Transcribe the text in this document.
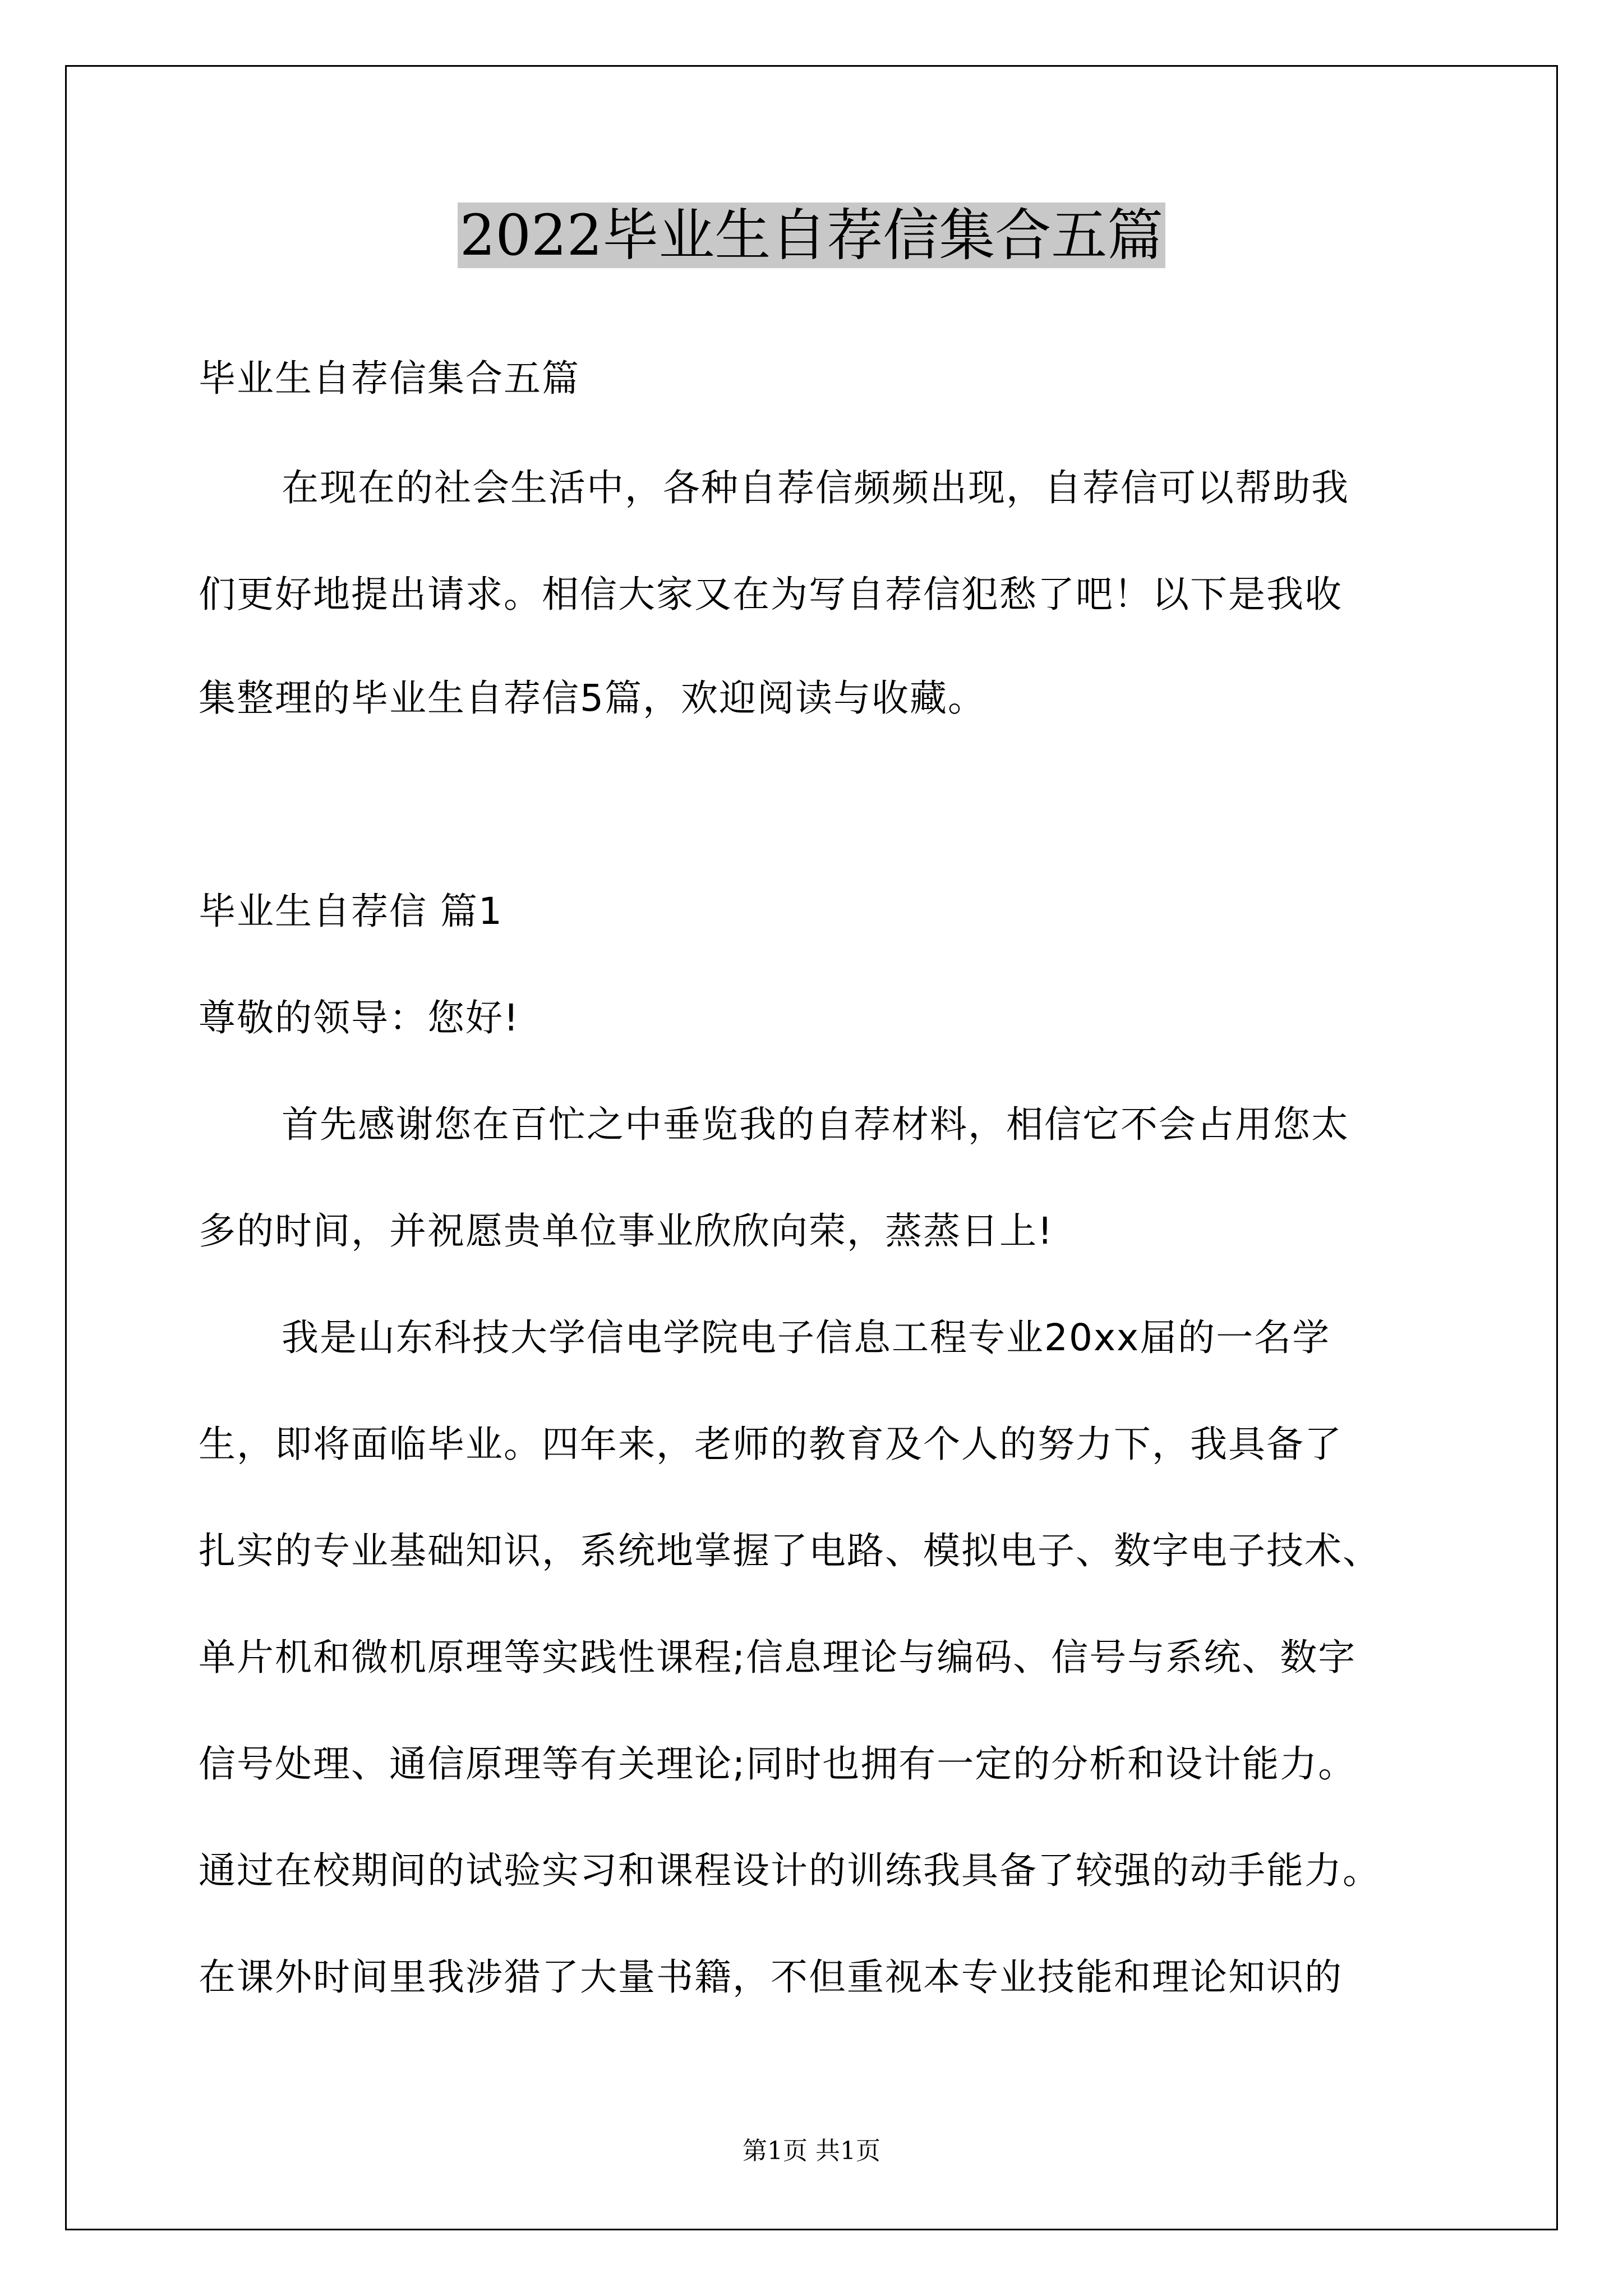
2022毕业生自荐信集合五篇
毕业生自荐信集合五篇
在现在的社会生活中，各种自荐信频频出现，自荐信可以帮助我
们更好地提出请求。相信大家又在为写自荐信犯愁了吧！以下是我收
集整理的毕业生自荐信5篇，欢迎阅读与收藏。
毕业生自荐信 篇1
尊敬的领导：您好!
首先感谢您在百忙之中垂览我的自荐材料，相信它不会占用您太
多的时间，并祝愿贵单位事业欣欣向荣，蒸蒸日上!
我是山东科技大学信电学院电子信息工程专业20xx届的一名学
生，即将面临毕业。四年来，老师的教育及个人的努力下，我具备了
扎实的专业基础知识，系统地掌握了电路、模拟电子、数字电子技术、
单片机和微机原理等实践性课程;信息理论与编码、信号与系统、数字
信号处理、通信原理等有关理论;同时也拥有一定的分析和设计能力。
通过在校期间的试验实习和课程设计的训练我具备了较强的动手能力。
在课外时间里我涉猎了大量书籍，不但重视本专业技能和理论知识的
第1页 共1页
